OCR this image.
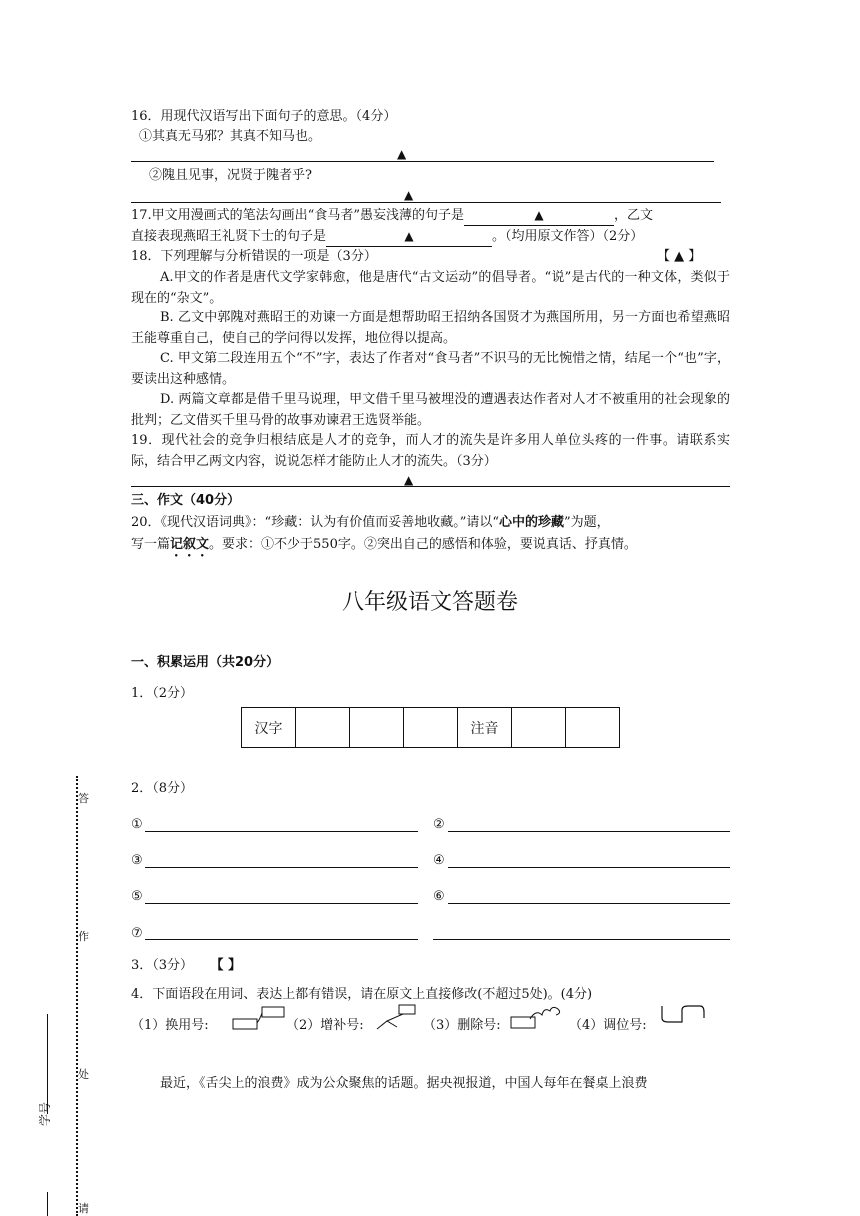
16．用现代汉语写出下面句子的意思。（4分）
①其真无马邪？其真不知马也。
▲
②隗且见事，况贤于隗者乎?
▲
17.甲文用漫画式的笔法勾画出“食马者”愚妄浅薄的句子是	▲	，乙文
直接表现燕昭王礼贤下士的句子是	▲	。（均用原文作答）（2分）
18．下列理解与分析错误的一项是（3分）	【 ▲ 】
A.甲文的作者是唐代文学家韩愈，他是唐代“古文运动”的倡导者。“说”是古代的一种文体，类似于现在的“杂文”。
B. 乙文中郭隗对燕昭王的劝谏一方面是想帮助昭王招纳各国贤才为燕国所用，另一方面也希望燕昭王能尊重自己，使自己的学问得以发挥，地位得以提高。
C. 甲文第二段连用五个“不”字，表达了作者对“食马者”不识马的无比惋惜之情，结尾一个“也”字，要读出这种感情。
D. 两篇文章都是借千里马说理，甲文借千里马被埋没的遭遇表达作者对人才不被重用的社会现象的批判；乙文借买千里马骨的故事劝谏君王选贤举能。
19．现代社会的竞争归根结底是人才的竞争，而人才的流失是许多用人单位头疼的一件事。请联系实际，结合甲乙两文内容，说说怎样才能防止人才的流失。（3分）
▲
三、作文（40分）
20．《现代汉语词典》：“珍藏：认为有价值而妥善地收藏。”请以“心中的珍藏”为题，
写一篇记叙文。要求：①不少于550字。②突出自己的感悟和体验，要说真话、抒真情。
八年级语文答题卷
一、积累运用（共20分）
1．（2分）
汉字				注音		
2．（8分）
①	②
③	④
⑤	⑥
⑦
3．（3分） 【 】
4．下面语段在用词、表达上都有错误，请在原文上直接修改(不超过5处)。(4分)
（1）换用号:	（2）增补号:	（3）删除号:	（4）调位号:
最近，《舌尖上的浪费》成为公众聚焦的话题。据央视报道，中国人每年在餐桌上浪费
答
作
处
请
学号
